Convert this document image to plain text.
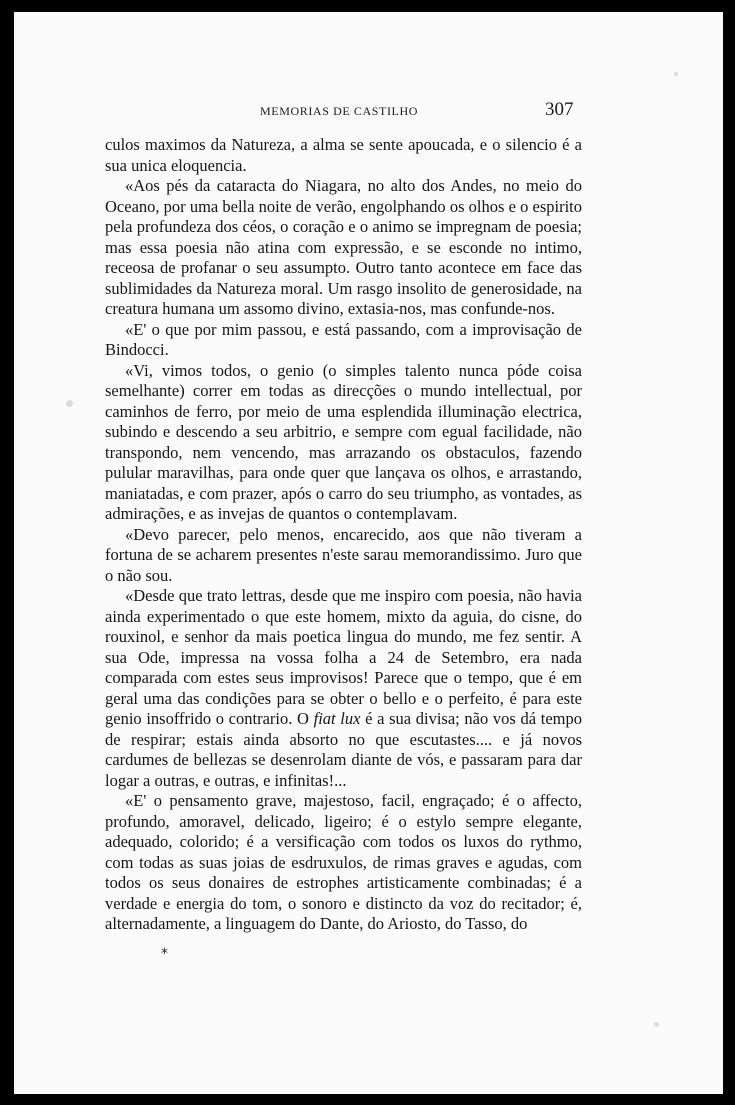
MEMORIAS DE CASTILHO	307

culos maximos da Natureza, a alma se sente apoucada, e o silencio é a sua unica eloquencia.

«Aos pés da cataracta do Niagara, no alto dos Andes, no meio do Oceano, por uma bella noite de verão, engolphando os olhos e o espirito pela profundeza dos céos, o coração e o animo se impregnam de poesia; mas essa poesia não atina com expressão, e se esconde no intimo, receosa de profanar o seu assumpto. Outro tanto acontece em face das sublimidades da Natureza moral. Um rasgo insolito de generosidade, na creatura humana um assomo divino, extasia-nos, mas confunde-nos.

«E' o que por mim passou, e está passando, com a improvisação de Bindocci.

«Vi, vimos todos, o genio (o simples talento nunca póde coisa semelhante) correr em todas as direcções o mundo intellectual, por caminhos de ferro, por meio de uma esplendida illuminação electrica, subindo e descendo a seu arbitrio, e sempre com egual facilidade, não transpondo, nem vencendo, mas arrazando os obstaculos, fazendo pulular maravilhas, para onde quer que lançava os olhos, e arrastando, maniatadas, e com prazer, após o carro do seu triumpho, as vontades, as admirações, e as invejas de quantos o contemplavam.

«Devo parecer, pelo menos, encarecido, aos que não tiveram a fortuna de se acharem presentes n'este sarau memorandissimo. Juro que o não sou.

«Desde que trato lettras, desde que me inspiro com poesia, não havia ainda experimentado o que este homem, mixto da aguia, do cisne, do rouxinol, e senhor da mais poetica lingua do mundo, me fez sentir. A sua Ode, impressa na vossa folha a 24 de Setembro, era nada comparada com estes seus improvisos! Parece que o tempo, que é em geral uma das condições para se obter o bello e o perfeito, é para este genio insoffrido o contrario. O fiat lux é a sua divisa; não vos dá tempo de respirar; estais ainda absorto no que escutastes.... e já novos cardumes de bellezas se desenrolam diante de vós, e passaram para dar logar a outras, e outras, e infinitas!...

«E' o pensamento grave, majestoso, facil, engraçado; é o affecto, profundo, amoravel, delicado, ligeiro; é o estylo sempre elegante, adequado, colorido; é a versificação com todos os luxos do rythmo, com todas as suas joias de esdruxulos, de rimas graves e agudas, com todos os seus donaires de estrophes artisticamente combinadas; é a verdade e energia do tom, o sonoro e distincto da voz do recitador; é, alternadamente, a linguagem do Dante, do Ariosto, do Tasso, do

*
